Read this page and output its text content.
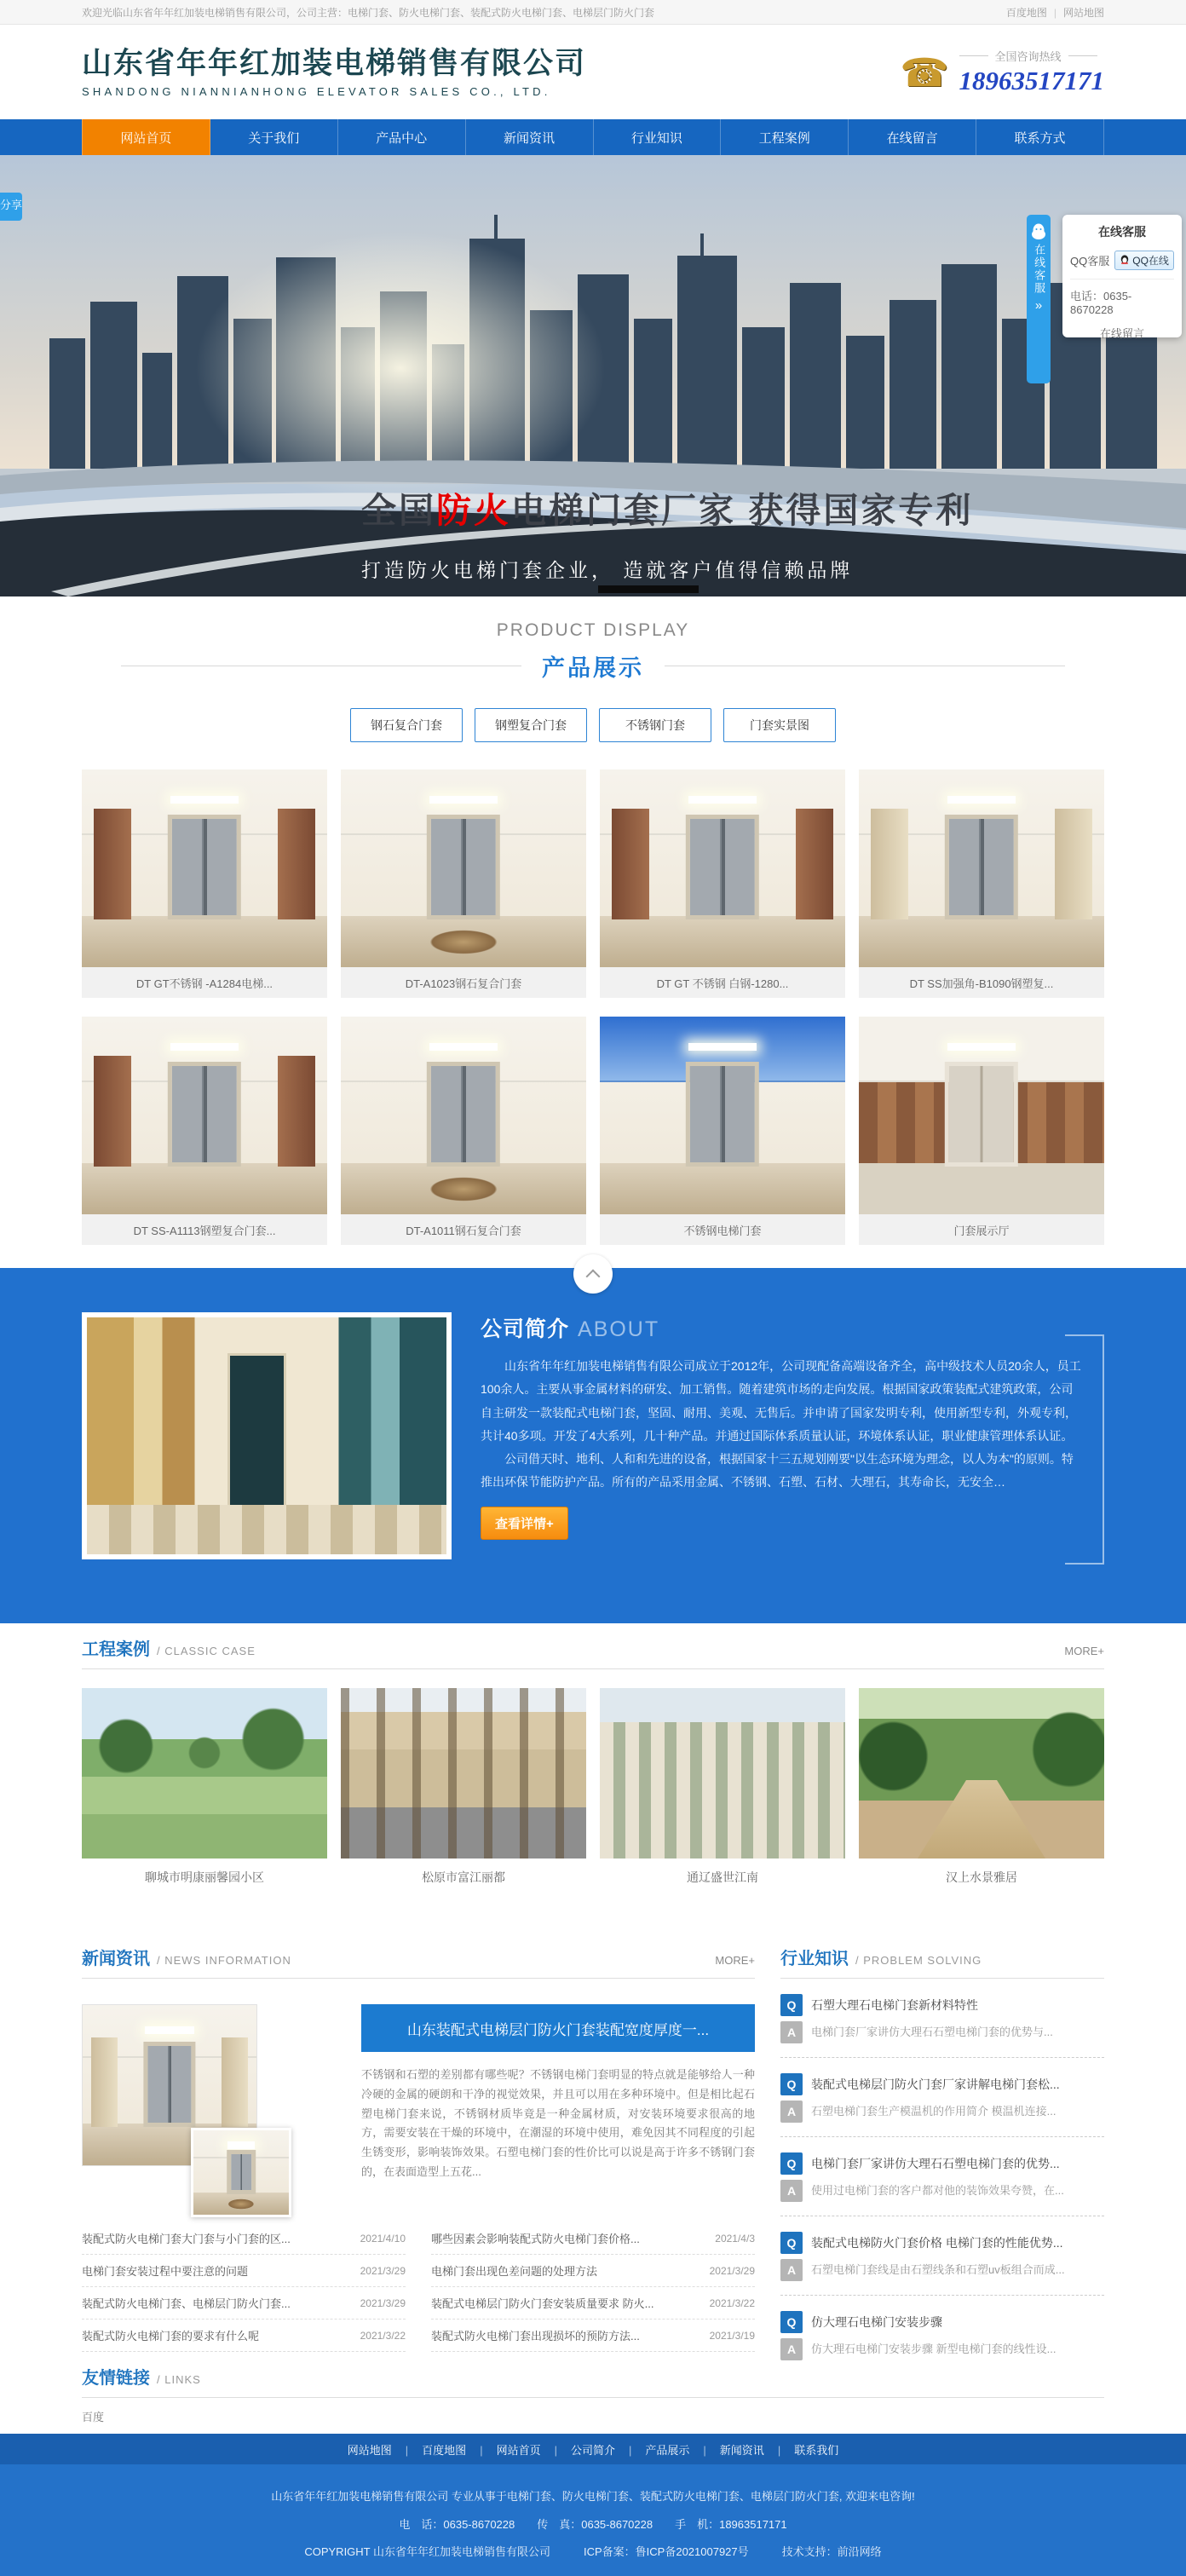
欢迎光临山东省年年红加装电梯销售有限公司，公司主营：电梯门套、防火电梯门套、装配式防火电梯门套、电梯层门防火门套	百度地图 | 网站地图
山东省年年红加装电梯销售有限公司
SHANDONG NIANNIANHONG ELEVATOR SALES CO., LTD.	☎	全国咨询热线
18963517171
网站首页	关于我们	产品中心	新闻资讯	行业知识	工程案例	在线留言	联系方式
全国防火电梯门套厂家 获得国家专利
打造防火电梯门套企业， 造就客户值得信赖品牌
分享
在线客服
»
在线客服
QQ客服 QQ在线
电话：0635-8670228
在线留言
PRODUCT DISPLAY
产品展示
钢石复合门套	钢塑复合门套	不锈钢门套	门套实景图
DT GT不锈钢 -A1284电梯...	DT-A1023钢石复合门套	DT GT 不锈钢 白钢-1280...	DT SS加强角-B1090钢塑复...
DT SS-A1113钢塑复合门套...	DT-A1011钢石复合门套	不锈钢电梯门套	门套展示厅
公司简介 ABOUT

山东省年年红加装电梯销售有限公司成立于2012年，公司现配备高端设备齐全，高中级技术人员20余人，员工100余人。主要从事金属材料的研发、加工销售。随着建筑市场的走向发展。根据国家政策装配式建筑政策，公司自主研发一款装配式电梯门套，坚固、耐用、美观、无售后。并申请了国家发明专利，使用新型专利，外观专利，共计40多项。开发了4大系列，几十种产品。并通过国际体系质量认证，环境体系认证，职业健康管理体系认证。

公司借天时、地利、人和和先进的设备，根据国家十三五规划刚要"以生态环境为理念，以人为本"的原则。特推出环保节能防护产品。所有的产品采用金属、不锈钢、石塑、石材、大理石，其寿命长，无安全…

查看详情+
工程案例 / CLASSIC CASE	MORE+
聊城市明康丽馨园小区	松原市富江丽都	通辽盛世江南	汉上水景雅居
新闻资讯 / NEWS INFORMATION	MORE+
山东装配式电梯层门防火门套装配宽度厚度一...
不锈钢和石塑的差别都有哪些呢？不锈钢电梯门套明显的特点就是能够给人一种冷硬的金属的硬朗和干净的视觉效果，并且可以用在多种环境中。但是相比起石塑电梯门套来说，不锈钢材质毕竟是一种金属材质，对安装环境要求很高的地方，需要安装在干燥的环境中，在潮湿的环境中使用，难免因其不同程度的引起生锈变形，影响装饰效果。石塑电梯门套的性价比可以说是高于许多不锈钢门套的，在表面造型上五花...
装配式防火电梯门套大门套与小门套的区...	2021/4/10 哪些因素会影响装配式防火电梯门套价格...	2021/4/3
电梯门套安装过程中要注意的问题	2021/3/29 电梯门套出现色差问题的处理方法	2021/3/29
装配式防火电梯门套、电梯层门防火门套...	2021/3/29 装配式电梯层门防火门套安装质量要求 防火...	2021/3/22
装配式防火电梯门套的要求有什么呢	2021/3/22 装配式防火电梯门套出现损坏的预防方法...	2021/3/19
行业知识 / PROBLEM SOLVING
Q	石塑大理石电梯门套新材料特性
A	电梯门套厂家讲仿大理石石塑电梯门套的优势与...
Q	装配式电梯层门防火门套厂家讲解电梯门套松...
A	石塑电梯门套生产模温机的作用简介 模温机连接...
Q	电梯门套厂家讲仿大理石石塑电梯门套的优势...
A	使用过电梯门套的客户都对他的装饰效果夸赞，在...
Q	装配式电梯防火门套价格 电梯门套的性能优势...
A	石塑电梯门套线是由石塑线条和石塑uv板组合而成...
Q	仿大理石电梯门安装步骤
A	仿大理石电梯门安装步骤 新型电梯门套的线性设...
友情链接 / LINKS
百度
网站地图 |	百度地图 |	网站首页 |	公司简介 |	产品展示 |	新闻资讯 |	联系我们
山东省年年红加装电梯销售有限公司 专业从事于电梯门套、防火电梯门套、装配式防火电梯门套、电梯层门防火门套, 欢迎来电咨询!
电　话：0635-8670228　　传　真：0635-8670228　　手　机：18963517171
COPYRIGHT 山东省年年红加装电梯销售有限公司　　　ICP备案：鲁ICP备2021007927号　　　技术支持：前沿网络
